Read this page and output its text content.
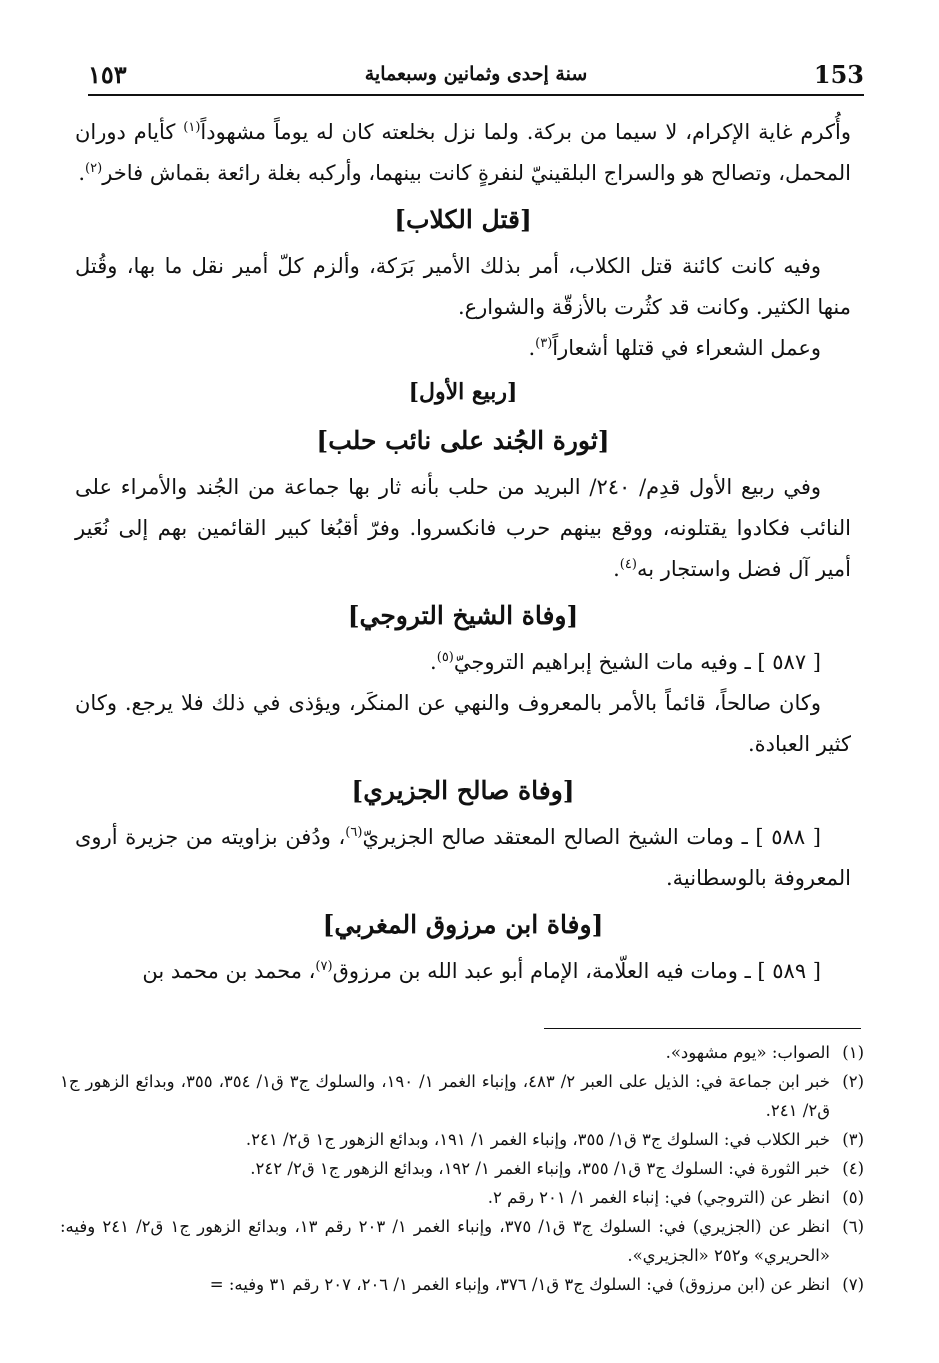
١٥٣	سنة إحدى وثمانين وسبعماية	153

وأُكرم غاية الإكرام، لا سيما من بركة. ولما نزل بخلعته كان له يوماً مشهوداً$^{(١)}$ كأيام دوران المحمل، وتصالح هو والسراج البلقينيّ لنفرةٍ كانت بينهما، وأركبه بغلة رائعة بقماش فاخر$^{(٢)}$.

[قتل الكلاب]

وفيه كانت كائنة قتل الكلاب، أمر بذلك الأمير بَرَكة، وألزم كلّ أمير نقل ما بها، وقُتل منها الكثير. وكانت قد كثُرت بالأزقّة والشوارع.

وعمل الشعراء في قتلها أشعاراً$^{(٣)}$.

[ربيع الأول]

[ثورة الجُند على نائب حلب]

وفي ربيع الأول قدِم/ ٢٤٠/ البريد من حلب بأنه ثار بها جماعة من الجُند والأمراء على النائب فكادوا يقتلونه، ووقع بينهم حرب فانكسروا. وفرّ أقبُغا كبير القائمين بهم إلى نُعَير أمير آل فضل واستجار به$^{(٤)}$.

[وفاة الشيخ التروجي]

[ ٥٨٧ ] ـ وفيه مات الشيخ إبراهيم التروجيّ$^{(٥)}$.

وكان صالحاً، قائماً بالأمر بالمعروف والنهي عن المنكَر، ويؤذى في ذلك فلا يرجع. وكان كثير العبادة.

[وفاة صالح الجزيري]

[ ٥٨٨ ] ـ ومات الشيخ الصالح المعتقد صالح الجزيريّ$^{(٦)}$، ودُفن بزاويته من جزيرة أروى المعروفة بالوسطانية.

[وفاة ابن مرزوق المغربي]

[ ٥٨٩ ] ـ ومات فيه العلّامة، الإمام أبو عبد الله بن مرزوق$^{(٧)}$، محمد بن محمد بن

(١)
الصواب: «يوم مشهود».

(٢)
خبر ابن جماعة في: الذيل على العبر ٢/ ٤٨٣، وإنباء الغمر ١/ ١٩٠، والسلوك ج٣ ق١/ ٣٥٤، ٣٥٥، وبدائع الزهور ج١ ق٢/ ٢٤١.

(٣)
خبر الكلاب في: السلوك ج٣ ق١/ ٣٥٥، وإنباء الغمر ١/ ١٩١، وبدائع الزهور ج١ ق٢/ ٢٤١.

(٤)
خبر الثورة في: السلوك ج٣ ق١/ ٣٥٥، وإنباء الغمر ١/ ١٩٢، وبدائع الزهور ج١ ق٢/ ٢٤٢.

(٥)
انظر عن (التروجي) في: إنباء الغمر ١/ ٢٠١ رقم ٢.

(٦)
انظر عن (الجزيري) في: السلوك ج٣ ق١/ ٣٧٥، وإنباء الغمر ١/ ٢٠٣ رقم ١٣، وبدائع الزهور ج١ ق٢/ ٢٤١ وفيه: «الحريري» و٢٥٢ «الجزيري».

(٧)
انظر عن (ابن مرزوق) في: السلوك ج٣ ق١/ ٣٧٦، وإنباء الغمر ١/ ٢٠٦، ٢٠٧ رقم ٣١ وفيه: =
